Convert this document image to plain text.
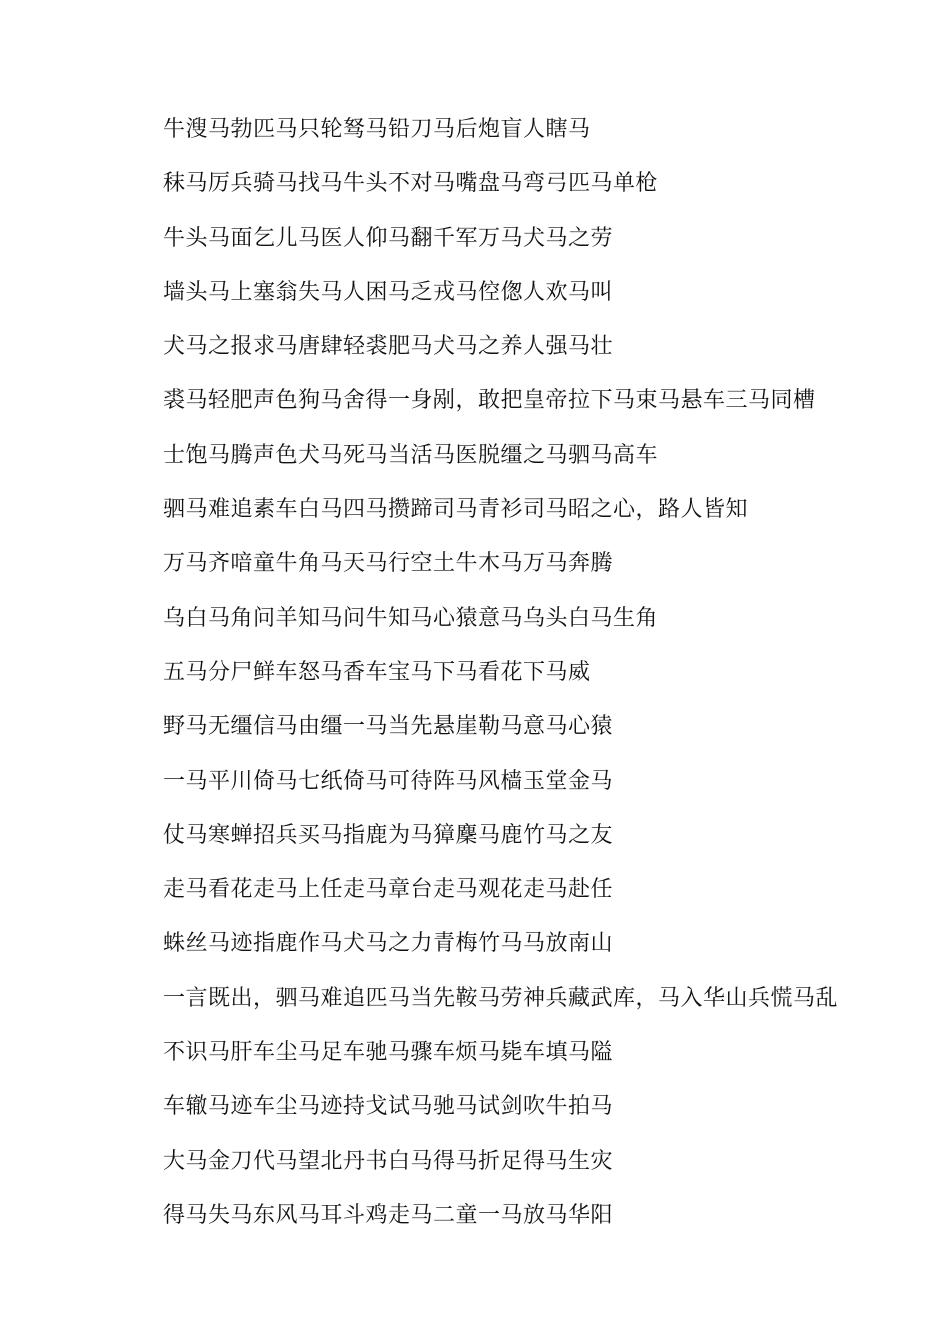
牛溲马勃匹马只轮驽马铅刀马后炮盲人瞎马
秣马厉兵骑马找马牛头不对马嘴盘马弯弓匹马单枪
牛头马面乞儿马医人仰马翻千军万马犬马之劳
墙头马上塞翁失马人困马乏戎马倥偬人欢马叫
犬马之报求马唐肆轻裘肥马犬马之养人强马壮
裘马轻肥声色狗马舍得一身剐，敢把皇帝拉下马束马悬车三马同槽
士饱马腾声色犬马死马当活马医脱缰之马驷马高车
驷马难追素车白马四马攒蹄司马青衫司马昭之心，路人皆知
万马齐喑童牛角马天马行空土牛木马万马奔腾
乌白马角问羊知马问牛知马心猿意马乌头白马生角
五马分尸鲜车怒马香车宝马下马看花下马威
野马无缰信马由缰一马当先悬崖勒马意马心猿
一马平川倚马七纸倚马可待阵马风樯玉堂金马
仗马寒蝉招兵买马指鹿为马獐麇马鹿竹马之友
走马看花走马上任走马章台走马观花走马赴任
蛛丝马迹指鹿作马犬马之力青梅竹马马放南山
一言既出，驷马难追匹马当先鞍马劳神兵藏武库，马入华山兵慌马乱
不识马肝车尘马足车驰马骤车烦马毙车填马隘
车辙马迹车尘马迹持戈试马驰马试剑吹牛拍马
大马金刀代马望北丹书白马得马折足得马生灾
得马失马东风马耳斗鸡走马二童一马放马华阳
